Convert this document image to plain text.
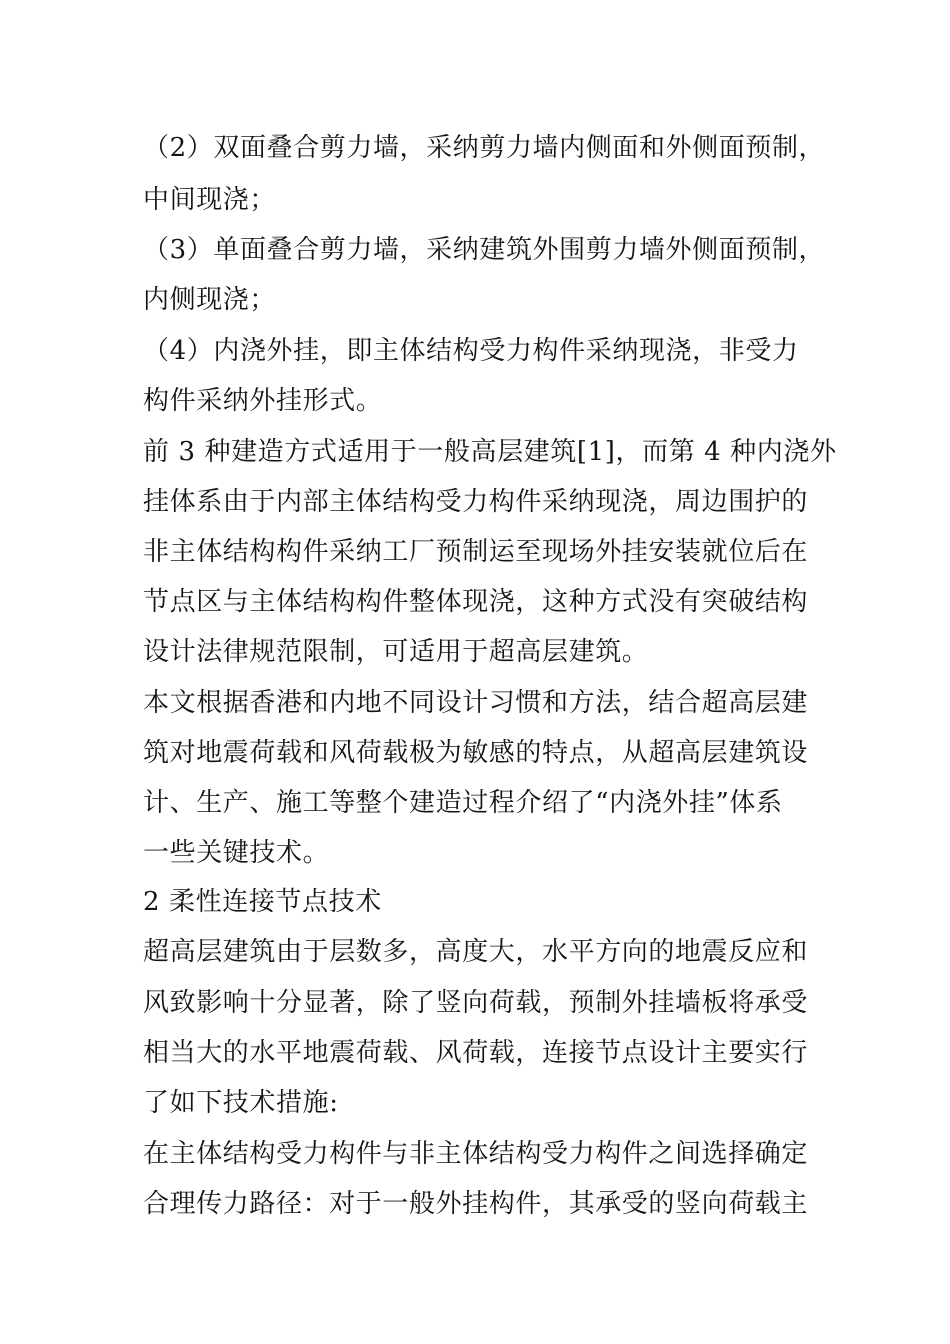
（2）双面叠合剪力墙，采纳剪力墙内侧面和外侧面预制，
中间现浇；
（3）单面叠合剪力墙，采纳建筑外围剪力墙外侧面预制，
内侧现浇；
（4）内浇外挂，即主体结构受力构件采纳现浇，非受力
构件采纳外挂形式。
前 3 种建造方式适用于一般高层建筑[1]，而第 4 种内浇外
挂体系由于内部主体结构受力构件采纳现浇，周边围护的
非主体结构构件采纳工厂预制运至现场外挂安装就位后在
节点区与主体结构构件整体现浇，这种方式没有突破结构
设计法律规范限制，可适用于超高层建筑。
本文根据香港和内地不同设计习惯和方法，结合超高层建
筑对地震荷载和风荷载极为敏感的特点，从超高层建筑设
计、生产、施工等整个建造过程介绍了“内浇外挂”体系
一些关键技术。
2 柔性连接节点技术
超高层建筑由于层数多，高度大，水平方向的地震反应和
风致影响十分显著，除了竖向荷载，预制外挂墙板将承受
相当大的水平地震荷载、风荷载，连接节点设计主要实行
了如下技术措施:
在主体结构受力构件与非主体结构受力构件之间选择确定
合理传力路径：对于一般外挂构件，其承受的竖向荷载主
